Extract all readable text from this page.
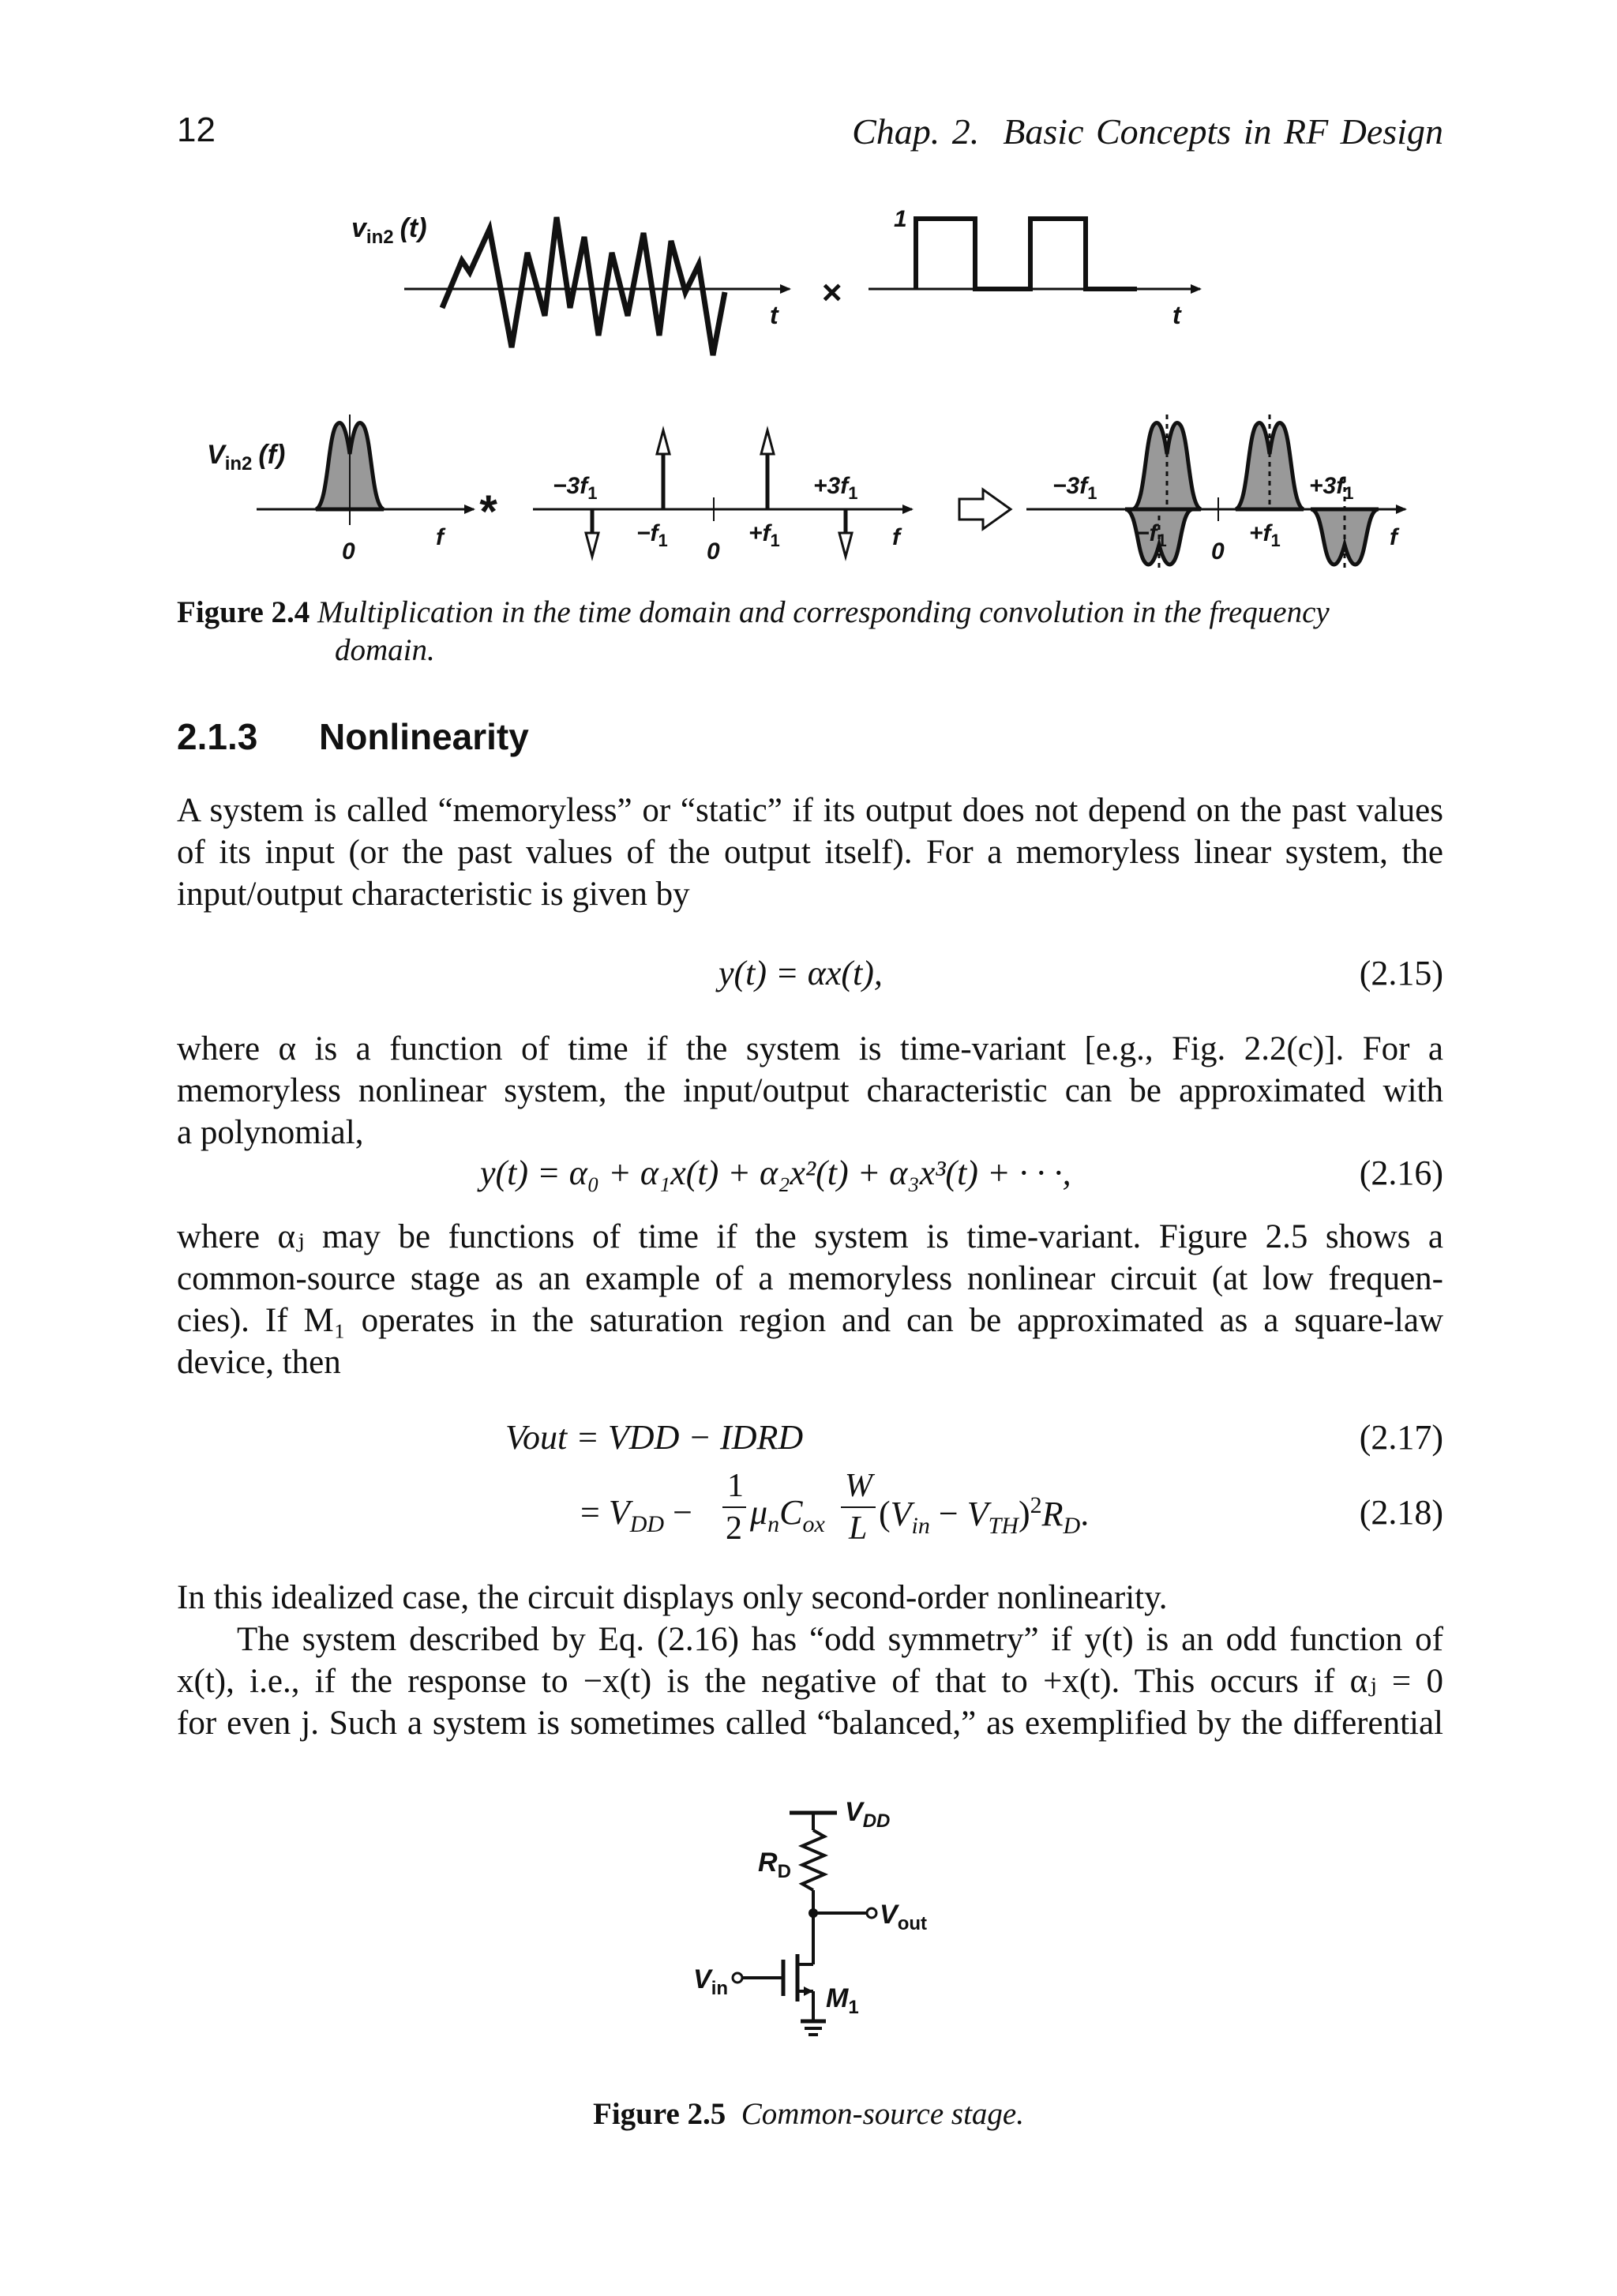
12	Chap. 2. Basic Concepts in RF Design
$v_{in2}$ (t)
t
×
1
t
$V_{in2}$ (f)
0
f *
$-3f_1$	$+3f_1$
$-f_1$	$+f_1$
0
f
$-3f_1$	$+3f_1$
$-f_1$	$+f_1$
0
f
Figure 2.4 Multiplication in the time domain and corresponding convolution in the frequency
domain.
2.1.3 Nonlinearity
A system is called “memoryless” or “static” if its output does not depend on the past values
of its input (or the past values of the output itself). For a memoryless linear system, the
input/output characteristic is given by
y(t) = αx(t),	(2.15)
where α is a function of time if the system is time-variant [e.g., Fig. 2.2(c)]. For a
memoryless nonlinear system, the input/output characteristic can be approximated with
a polynomial,
y(t) = α₀ + α₁x(t) + α₂x²(t) + α₃x³(t) + · · ·,	(2.16)
where αⱼ may be functions of time if the system is time-variant. Figure 2.5 shows a
common-source stage as an example of a memoryless nonlinear circuit (at low frequen-
cies). If M₁ operates in the saturation region and can be approximated as a square-law
device, then
Vout = VDD − IDRD	(2.17)
= $V_{DD}$ −
1
2 $\mu_nC_{ox}$
W
L $(V_{in} - V_{TH})^2R_D$.	(2.18)
In this idealized case, the circuit displays only second-order nonlinearity.
The system described by Eq. (2.16) has “odd symmetry” if y(t) is an odd function of
x(t), i.e., if the response to −x(t) is the negative of that to +x(t). This occurs if αⱼ = 0
for even j. Such a system is sometimes called “balanced,” as exemplified by the differential
$V_{DD}$
$R_D$
$V_{out}$
$V_{in}$	$M_1$
Figure 2.5 Common-source stage.
